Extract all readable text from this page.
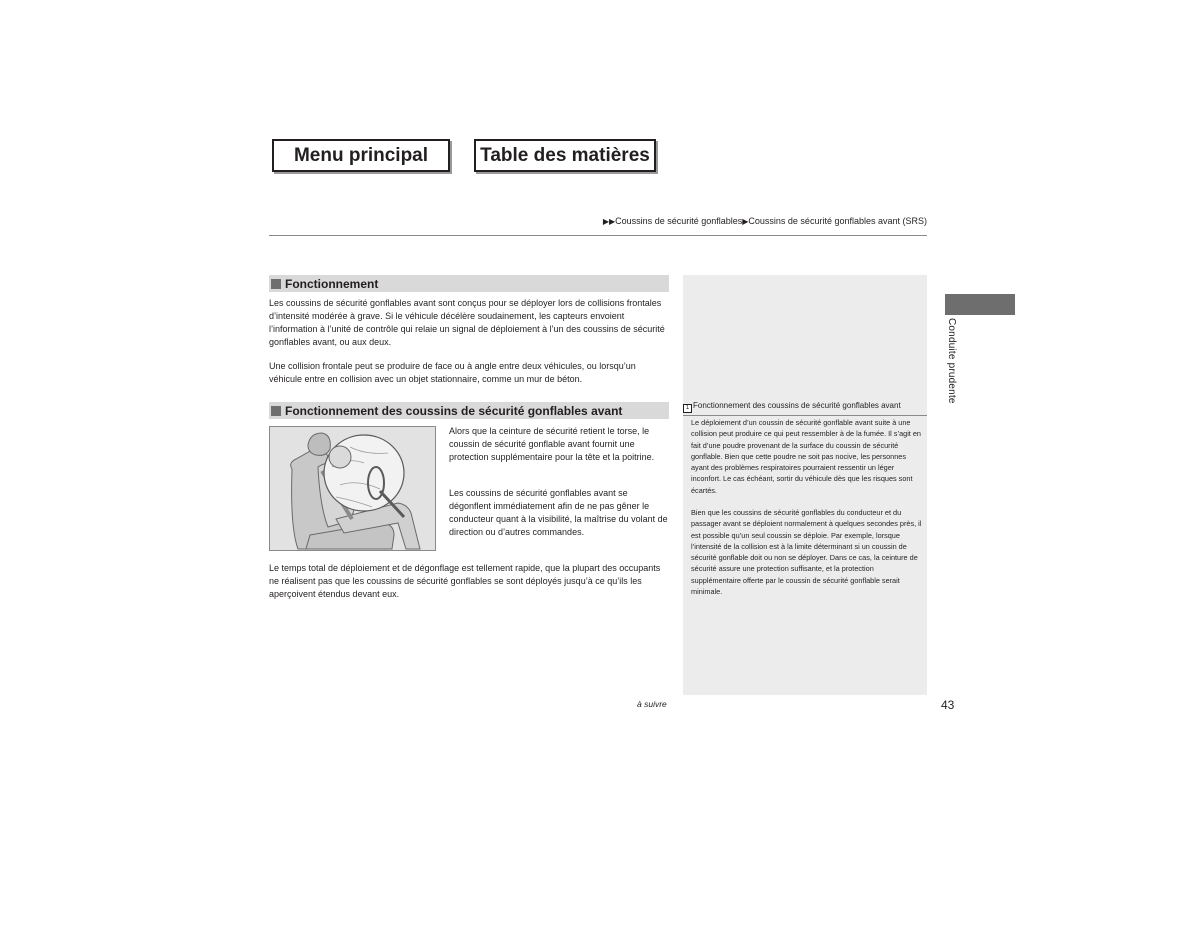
Menu principal	Table des matières
▶▶Coussins de sécurité gonflables▶Coussins de sécurité gonflables avant (SRS)
Conduite prudente
Fonctionnement

Les coussins de sécurité gonflables avant sont conçus pour se déployer lors de collisions frontales d’intensité modérée à grave. Si le véhicule décélère soudainement, les capteurs envoient l’information à l’unité de contrôle qui relaie un signal de déploiement à l’un des coussins de sécurité gonflables avant, ou aux deux.

Une collision frontale peut se produire de face ou à angle entre deux véhicules, ou lorsqu’un véhicule entre en collision avec un objet stationnaire, comme un mur de béton.

Fonctionnement des coussins de sécurité gonflables avant

Alors que la ceinture de sécurité retient le torse, le coussin de sécurité gonflable avant fournit une protection supplémentaire pour la tête et la poitrine.

Les coussins de sécurité gonflables avant se dégonflent immédiatement afin de ne pas gêner le conducteur quant à la visibilité, la maîtrise du volant de direction ou d’autres commandes.

Le temps total de déploiement et de dégonflage est tellement rapide, que la plupart des occupants ne réalisent pas que les coussins de sécurité gonflables se sont déployés jusqu’à ce qu’ils les aperçoivent étendus devant eux.

1 Fonctionnement des coussins de sécurité gonflables avant

Le déploiement d’un coussin de sécurité gonflable avant suite à une collision peut produire ce qui peut ressembler à de la fumée. Il s’agit en fait d’une poudre provenant de la surface du coussin de sécurité gonflable. Bien que cette poudre ne soit pas nocive, les personnes ayant des problèmes respiratoires pourraient ressentir un léger inconfort. Le cas échéant, sortir du véhicule dès que les risques sont écartés.

Bien que les coussins de sécurité gonflables du conducteur et du passager avant se déploient normalement à quelques secondes près, il est possible qu’un seul coussin se déploie. Par exemple, lorsque l’intensité de la collision est à la limite déterminant si un coussin de sécurité gonflable doit ou non se déployer. Dans ce cas, la ceinture de sécurité assure une protection suffisante, et la protection supplémentaire offerte par le coussin de sécurité gonflable serait minimale.

à suivre	43
